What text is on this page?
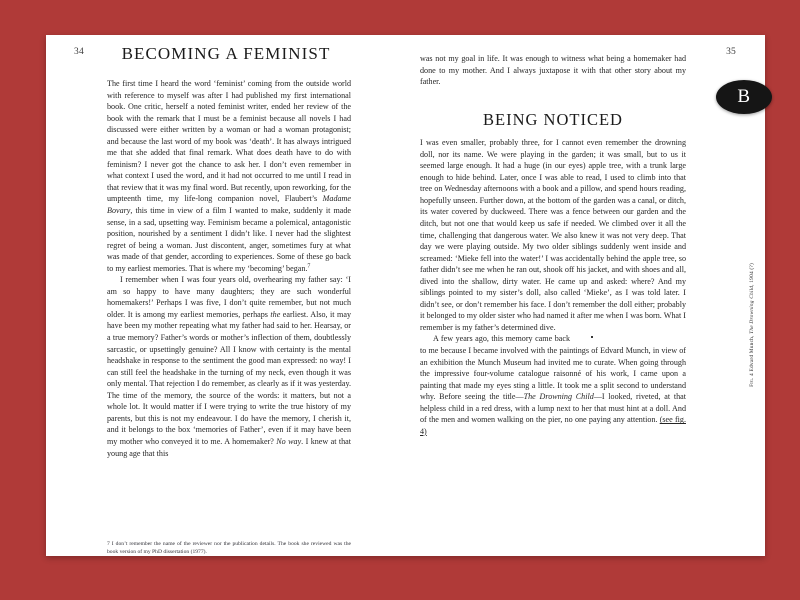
34	BECOMING A FEMINIST

The first time I heard the word ‘feminist’ coming from the outside world with reference to myself was after I had published my first international book. One critic, herself a noted feminist writer, ended her review of the book with the remark that I must be a feminist because all novels I had discussed were either written by a woman or had a woman protagonist; and because the last word of my book was ‘death’. It has always intrigued me that she added that final remark. What does death have to do with feminism? I never got the chance to ask her. I don’t even remember in what context I used the word, and it had not occurred to me until I read in that review that it was my final word. But recently, upon reworking, for the umpteenth time, my life-long companion novel, Flaubert’s Madame Bovary, this time in view of a film I wanted to make, suddenly it made sense, in a sad, upsetting way. Feminism became a polemical, antagonistic position, nourished by a sentiment I didn’t like. I never had the slightest regret of being a woman. Just discontent, anger, sometimes fury at what was made of that gender, according to experiences. Some of these go back to my earliest memories. That is where my ‘becoming’ began.$^7$

I remember when I was four years old, overhearing my father say: ‘I am so happy to have many daughters; they are such wonderful homemakers!’ Perhaps I was five, I don’t quite remember, but not much older. It is among my earliest memories, perhaps the earliest. Also, it may have been my mother repeating what my father had said to her. Hearsay, or a true memory? Father’s words or mother’s inflection of them, doubtlessly sarcastic, or upsettingly genuine? All I know with certainty is the mental headshake in response to the sentiment the good man expressed: no way! I can still feel the headshake in the turning of my neck, even though it was only mental. That rejection I do remember, as clearly as if it was yesterday. The time of the memory, the source of the words: it matters, but not a whole lot. It would matter if I were trying to write the true history of my parents, but this is not my endeavour. I do have the memory, I cherish it, and it belongs to the box ‘memories of Father’, even if it may have been my mother who conveyed it to me. A homemaker? No way. I knew at that young age that this

7 I don’t remember the name of the reviewer nor the publication details. The book she reviewed was the book version of my PhD dissertation (1977).
35

was not my goal in life. It was enough to witness what being a homemaker had done to my mother. And I always juxtapose it with that other story about my father.

BEING NOTICED

I was even smaller, probably three, for I cannot even remember the drowning doll, nor its name. We were playing in the garden; it was small, but to us it seemed large enough. It had a huge (in our eyes) apple tree, with a trunk large enough to hide behind. Later, once I was able to read, I used to climb into that tree on Wednesday afternoons with a book and a pillow, and spend hours reading, hopefully unseen. Further down, at the bottom of the garden was a canal, or ditch, its water covered by duckweed. There was a fence between our garden and the ditch, but not one that would keep us safe if needed. We climbed over it all the time, challenging that dangerous water. We also knew it was not very deep. That day we were playing outside. My two older siblings suddenly went inside and screamed: ‘Mieke fell into the water!’ I was accidentally behind the apple tree, so father didn’t see me when he ran out, shook off his jacket, and with shoes and all, dived into the shallow, dirty water. He came up and asked: where? And my siblings pointed to my sister’s doll, also called ‘Mieke’, as I was told later. I didn’t see, or don’t remember his face. I don’t remember the doll either; probably it belonged to my older sister who had named it after me when I was born. What I remember is my father’s determined dive.

A few years ago, this memory came back to me because I became involved with the paintings of Edvard Munch, in view of an exhibition the Munch Museum had invited me to curate. When going through the impressive four-volume catalogue raisonné of his work, I came upon a painting that made my eyes sting a little. It took me a split second to understand why. Before seeing the title—The Drowning Child—I looked, riveted, at that helpless child in a red dress, with a lump next to her that must hint at a doll. And of the men and women walking on the pier, no one paying any attention. (see fig. 4)

Fig. 4 Edvard Munch, The Drowning Child, 1904 (?)
B
